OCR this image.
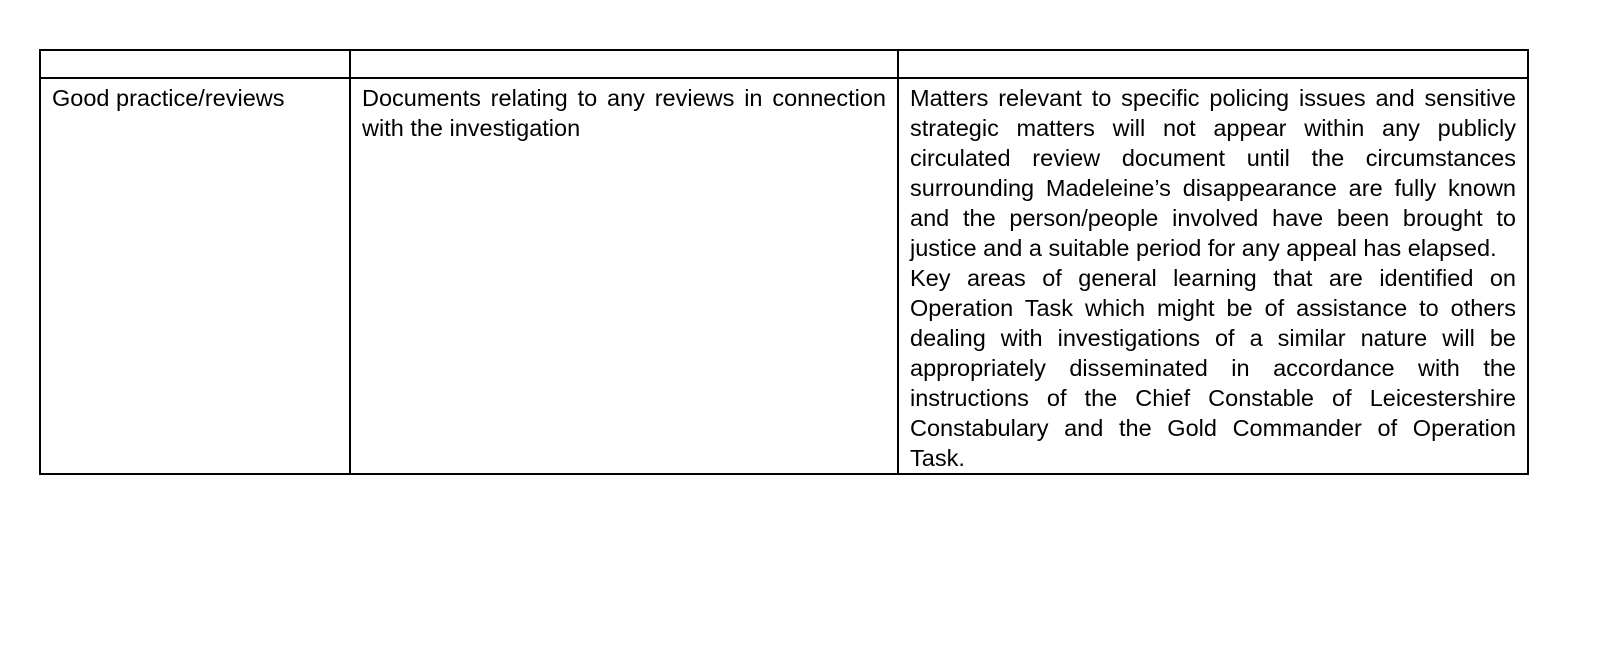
Good practice/reviews	Documents relating to any reviews in connection with the investigation	Matters relevant to specific policing issues and sensitive strategic matters will not appear within any publicly circulated review document until the circumstances surrounding Madeleine’s disappearance are fully known and the person/people involved have been brought to justice and a suitable period for any appeal has elapsed.

Key areas of general learning that are identified on Operation Task which might be of assistance to others dealing with investigations of a similar nature will be appropriately disseminated in accordance with the instructions of the Chief Constable of Leicestershire Constabulary and the Gold Commander of Operation Task.
